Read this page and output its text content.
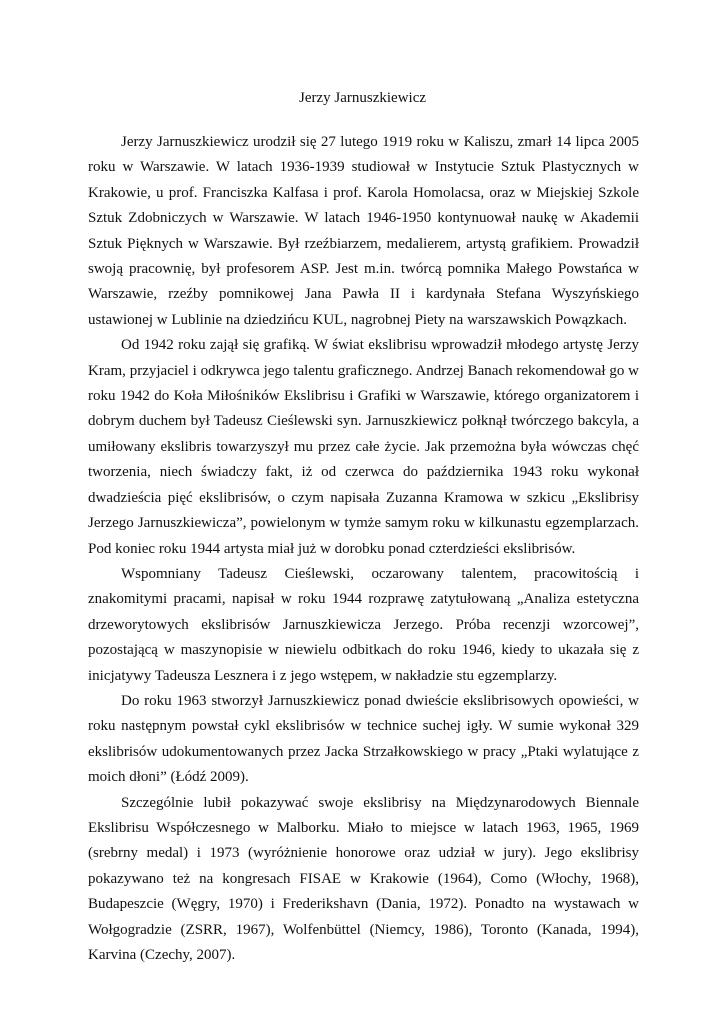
Jerzy Jarnuszkiewicz

Jerzy Jarnuszkiewicz urodził się 27 lutego 1919 roku w Kaliszu, zmarł 14 lipca 2005 roku w Warszawie. W latach 1936-1939 studiował w Instytucie Sztuk Plastycznych w Krakowie, u prof. Franciszka Kalfasa i prof. Karola Homolacsa, oraz w Miejskiej Szkole Sztuk Zdobniczych w Warszawie. W latach 1946-1950 kontynuował naukę w Akademii Sztuk Pięknych w Warszawie. Był rzeźbiarzem, medalierem, artystą grafikiem. Prowadził swoją pracownię, był profesorem ASP. Jest m.in. twórcą pomnika Małego Powstańca w Warszawie, rzeźby pomnikowej Jana Pawła II i kardynała Stefana Wyszyńskiego ustawionej w Lublinie na dziedzińcu KUL, nagrobnej Piety na warszawskich Powązkach.

Od 1942 roku zajął się grafiką. W świat ekslibrisu wprowadził młodego artystę Jerzy Kram, przyjaciel i odkrywca jego talentu graficznego. Andrzej Banach rekomendował go w roku 1942 do Koła Miłośników Ekslibrisu i Grafiki w Warszawie, którego organizatorem i dobrym duchem był Tadeusz Cieślewski syn. Jarnuszkiewicz połknął twórczego bakcyla, a umiłowany ekslibris towarzyszył mu przez całe życie. Jak przemożna była wówczas chęć tworzenia, niech świadczy fakt, iż od czerwca do października 1943 roku wykonał dwadzieścia pięć ekslibrisów, o czym napisała Zuzanna Kramowa w szkicu „Ekslibrisy Jerzego Jarnuszkiewicza”, powielonym w tymże samym roku w kilkunastu egzemplarzach. Pod koniec roku 1944 artysta miał już w dorobku ponad czterdzieści ekslibrisów.

Wspomniany Tadeusz Cieślewski, oczarowany talentem, pracowitością i znakomitymi pracami, napisał w roku 1944 rozprawę zatytułowaną „Analiza estetyczna drzeworytowych ekslibrisów Jarnuszkiewicza Jerzego. Próba recenzji wzorcowej”, pozostającą w maszynopisie w niewielu odbitkach do roku 1946, kiedy to ukazała się z inicjatywy Tadeusza Lesznera i z jego wstępem, w nakładzie stu egzemplarzy.

Do roku 1963 stworzył Jarnuszkiewicz ponad dwieście ekslibrisowych opowieści, w roku następnym powstał cykl ekslibrisów w technice suchej igły. W sumie wykonał 329 ekslibrisów udokumentowanych przez Jacka Strzałkowskiego w pracy „Ptaki wylatujące z moich dłoni” (Łódź 2009).

Szczególnie lubił pokazywać swoje ekslibrisy na Międzynarodowych Biennale Ekslibrisu Współczesnego w Malborku. Miało to miejsce w latach 1963, 1965, 1969 (srebrny medal) i 1973 (wyróżnienie honorowe oraz udział w jury). Jego ekslibrisy pokazywano też na kongresach FISAE w Krakowie (1964), Como (Włochy, 1968), Budapeszcie (Węgry, 1970) i Frederikshavn (Dania, 1972). Ponadto na wystawach w Wołgogradzie (ZSRR, 1967), Wolfenbüttel (Niemcy, 1986), Toronto (Kanada, 1994), Karvina (Czechy, 2007).
